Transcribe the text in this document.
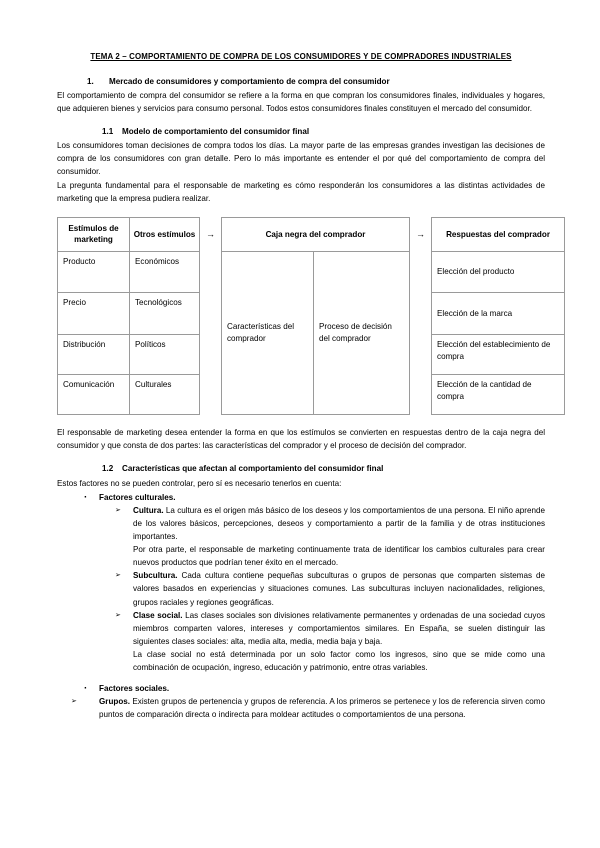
TEMA 2 – COMPORTAMIENTO DE COMPRA DE LOS CONSUMIDORES Y DE COMPRADORES INDUSTRIALES
1. Mercado de consumidores y comportamiento de compra del consumidor

El comportamiento de compra del consumidor se refiere a la forma en que compran los consumidores finales, individuales y hogares, que adquieren bienes y servicios para consumo personal. Todos estos consumidores finales constituyen el mercado del consumidor.

1.1 Modelo de comportamiento del consumidor final

Los consumidores toman decisiones de compra todos los días. La mayor parte de las empresas grandes investigan las decisiones de compra de los consumidores con gran detalle. Pero lo más importante es entender el por qué del comportamiento de compra del consumidor.

La pregunta fundamental para el responsable de marketing es cómo responderán los consumidores a las distintas actividades de marketing que la empresa pudiera realizar.

Estímulos de marketing	Otros estímulos	→	Caja negra del comprador		→	Respuestas del comprador
Producto	Económicos		Características del comprador	Proceso de decisión del comprador		Elección del producto
Precio	Tecnológicos					Elección de la marca
Distribución	Políticos					Elección del establecimiento de compra
Comunicación	Culturales					Elección de la cantidad de compra

El responsable de marketing desea entender la forma en que los estímulos se convierten en respuestas dentro de la caja negra del consumidor y que consta de dos partes: las características del comprador y el proceso de decisión del comprador.

1.2 Características que afectan al comportamiento del consumidor final

Estos factores no se pueden controlar, pero sí es necesario tenerlos en cuenta:

· Factores culturales.
➢ Cultura. La cultura es el origen más básico de los deseos y los comportamientos de una persona. El niño aprende de los valores básicos, percepciones, deseos y comportamiento a partir de la familia y de otras instituciones importantes.
Por otra parte, el responsable de marketing continuamente trata de identificar los cambios culturales para crear nuevos productos que podrían tener éxito en el mercado.
➢ Subcultura. Cada cultura contiene pequeñas subculturas o grupos de personas que comparten sistemas de valores basados en experiencias y situaciones comunes. Las subculturas incluyen nacionalidades, religiones, grupos raciales y regiones geográficas.
➢ Clase social. Las clases sociales son divisiones relativamente permanentes y ordenadas de una sociedad cuyos miembros comparten valores, intereses y comportamientos similares. En España, se suelen distinguir las siguientes clases sociales: alta, media alta, media, media baja y baja.
La clase social no está determinada por un solo factor como los ingresos, sino que se mide como una combinación de ocupación, ingreso, educación y patrimonio, entre otras variables.
· Factores sociales.
➢ Grupos. Existen grupos de pertenencia y grupos de referencia. A los primeros se pertenece y los de referencia sirven como puntos de comparación directa o indirecta para moldear actitudes o comportamientos de una persona.
